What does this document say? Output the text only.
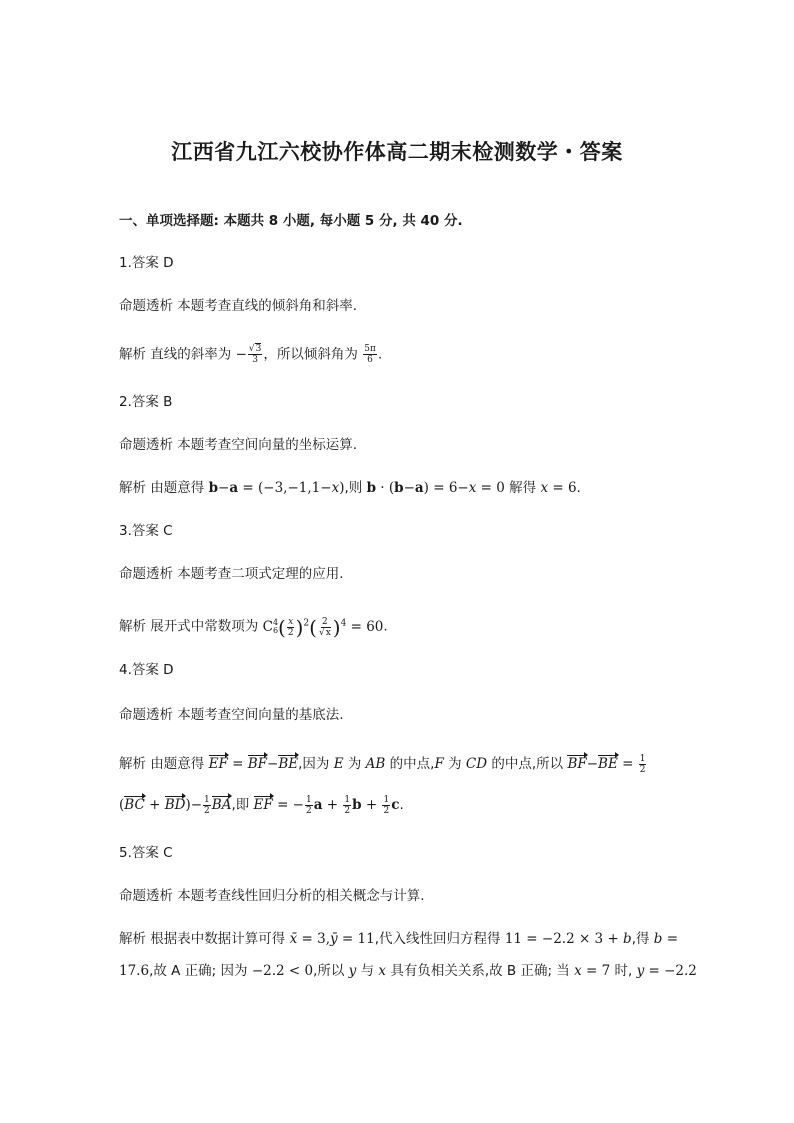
江西省九江六校协作体高二期末检测数学・答案
一、单项选择题: 本题共 8 小题, 每小题 5 分, 共 40 分.
1.答案 D
命题透析 本题考查直线的倾斜角和斜率.
解析 直线的斜率为 − $\frac{√3}{3}$ ，所以倾斜角为 $\frac{5\pi}{6}$ .
2.答案 B
命题透析 本题考查空间向量的坐标运算.
解析 由题意得 b−a = (−3,−1,1−x),则 b · (b−a) = 6−x = 0 解得 x = 6.
3.答案 C
命题透析 本题考查二项式定理的应用.
解析 展开式中常数项为 C 4
6 ( $\frac{x}{2} )^2( \frac{2}{√x} )^4 = 60$.
4.答案 D
命题透析 本题考查空间向量的基底法.
解析 由题意得 EF = BF−BE,因为 E 为 AB 的中点,F 为 CD 的中点,所以 $BF-BE = \frac{1}{2}$
$(BC + BD)- \frac{1}{2}$ BA,即 EF = − $\frac{1}{2}$ $a + \frac{1}{2}$ $b + \frac{1}{2} c$.
5.答案 C
命题透析 本题考查线性回归分析的相关概念与计算.
解析 根据表中数据计算可得 x̄ = 3,ȳ = 11,代入线性回归方程得 11 = −2.2 × 3 + b,得 b =
17.6,故 A 正确; 因为 −2.2 < 0,所以 y 与 x 具有负相关关系,故 B 正确; 当 x = 7 时, y = −2.2
